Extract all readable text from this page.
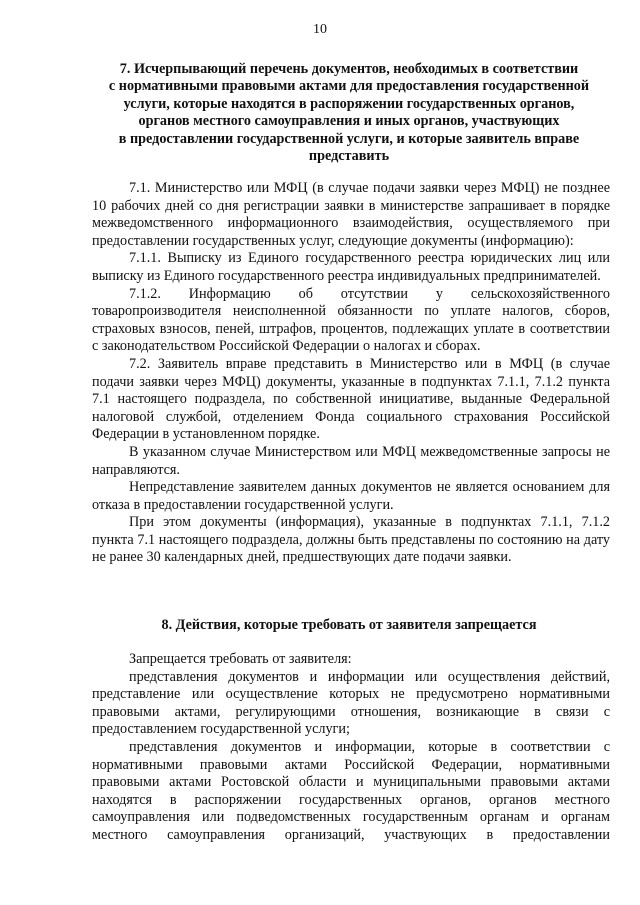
10
7. Исчерпывающий перечень документов, необходимых в соответствии
с нормативными правовыми актами для предоставления государственной
услуги, которые находятся в распоряжении государственных органов,
органов местного самоуправления и иных органов, участвующих
в предоставлении государственной услуги, и которые заявитель вправе
представить

7.1. Министерство или МФЦ (в случае подачи заявки через МФЦ) не позднее 10 рабочих дней со дня регистрации заявки в министерстве запрашивает в порядке межведомственного информационного взаимодействия, осуществляемого при предоставлении государственных услуг, следующие документы (информацию):

7.1.1. Выписку из Единого государственного реестра юридических лиц или выписку из Единого государственного реестра индивидуальных предпринимателей.

7.1.2. Информацию об отсутствии у сельскохозяйственного товаропроизводителя неисполненной обязанности по уплате налогов, сборов, страховых взносов, пеней, штрафов, процентов, подлежащих уплате в соответствии с законодательством Российской Федерации о налогах и сборах.

7.2. Заявитель вправе представить в Министерство или в МФЦ (в случае подачи заявки через МФЦ) документы, указанные в подпунктах 7.1.1, 7.1.2 пункта 7.1 настоящего подраздела, по собственной инициативе, выданные Федеральной налоговой службой, отделением Фонда социального страхования Российской Федерации в установленном порядке.

В указанном случае Министерством или МФЦ межведомственные запросы не направляются.

Непредставление заявителем данных документов не является основанием для отказа в предоставлении государственной услуги.

При этом документы (информация), указанные в подпунктах 7.1.1, 7.1.2 пункта 7.1 настоящего подраздела, должны быть представлены по состоянию на дату не ранее 30 календарных дней, предшествующих дате подачи заявки.

8. Действия, которые требовать от заявителя запрещается

Запрещается требовать от заявителя:

представления документов и информации или осуществления действий, представление или осуществление которых не предусмотрено нормативными правовыми актами, регулирующими отношения, возникающие в связи с предоставлением государственной услуги;

представления документов и информации, которые в соответствии с нормативными правовыми актами Российской Федерации, нормативными правовыми актами Ростовской области и муниципальными правовыми актами находятся в распоряжении государственных органов, органов местного самоуправления или подведомственных государственным органам и органам местного самоуправления организаций, участвующих в предоставлении
